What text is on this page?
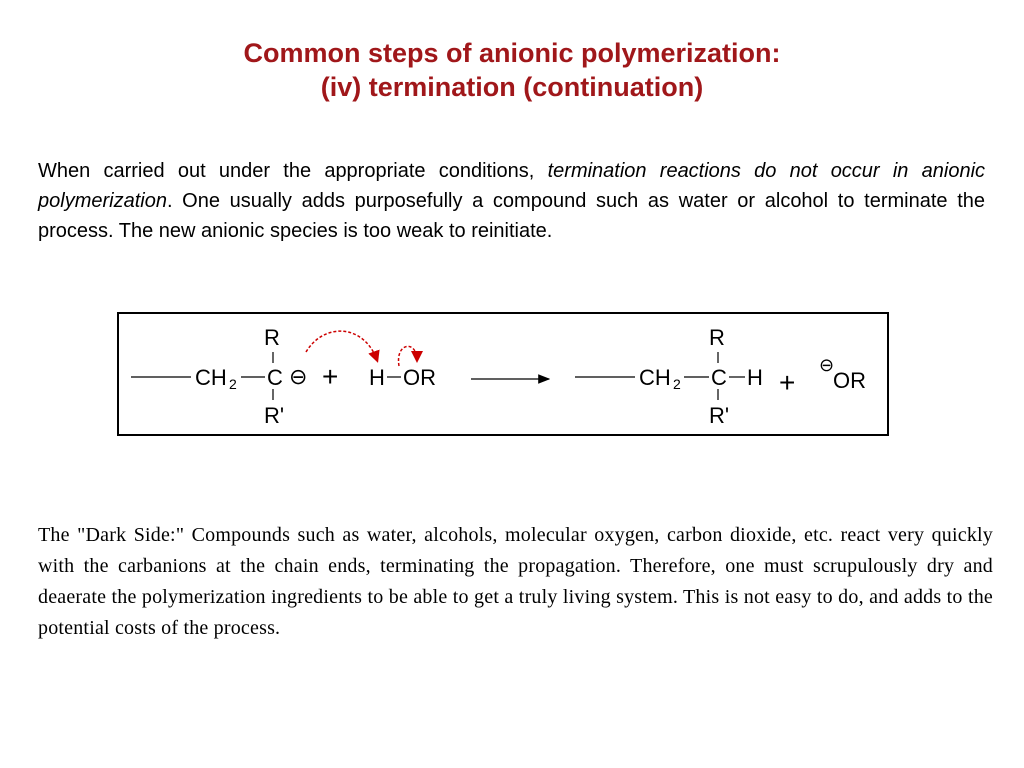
Common steps of anionic polymerization:
(iv) termination (continuation)
When carried out under the appropriate conditions, termination reactions do not occur in anionic polymerization. One usually adds purposefully a compound such as water or alcohol to terminate the process. The new anionic species is too weak to reinitiate.
CH 2 C
R
R'
⊖ + H OR	CH 2 C
R
R'
H +
⊖
OR
The "Dark Side:" Compounds such as water, alcohols, molecular oxygen, carbon dioxide, etc. react very quickly with the carbanions at the chain ends, terminating the propagation. Therefore, one must scrupulously dry and deaerate the polymerization ingredients to be able to get a truly living system. This is not easy to do, and adds to the potential costs of the process.
